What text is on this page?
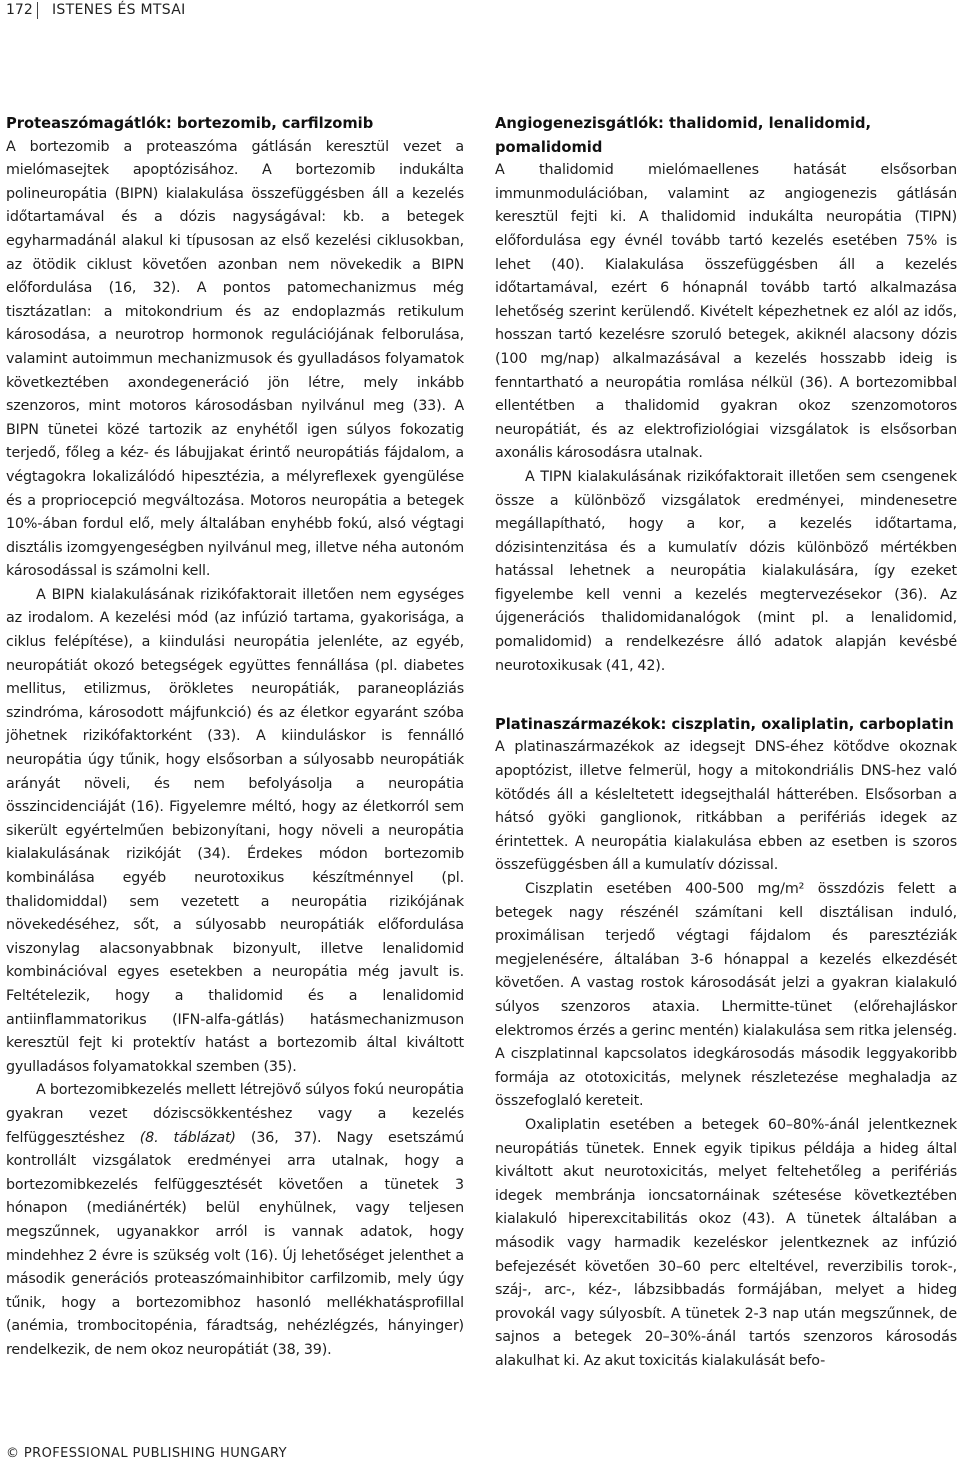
172 ISTENES ÉS MTSAI
Proteaszómagátlók: bortezomib, carfilzomib

A bortezomib a proteaszóma gátlásán keresztül vezet a mielómasejtek apoptózisához. A bortezomib indukálta polineuropátia (BIPN) kialakulása összefüggésben áll a kezelés időtartamával és a dózis nagyságával: kb. a betegek egyharmadánál alakul ki típusosan az első kezelési ciklusokban, az ötödik ciklust követően azonban nem növekedik a BIPN előfordulása (16, 32). A pontos patomechanizmus még tisztázatlan: a mitokondrium és az endoplazmás retikulum károsodása, a neurotrop hormonok regulációjának felborulása, valamint autoimmun mechanizmusok és gyulladásos folyamatok következtében axondegeneráció jön létre, mely inkább szenzoros, mint motoros károsodásban nyilvánul meg (33). A BIPN tünetei közé tartozik az enyhétől igen súlyos fokozatig terjedő, főleg a kéz- és lábujjakat érintő neuropátiás fájdalom, a végtagokra lokalizálódó hipesztézia, a mélyreflexek gyengülése és a propriocepció megváltozása. Motoros neuropátia a betegek 10%-ában fordul elő, mely általában enyhébb fokú, alsó végtagi disztális izomgyengeségben nyilvánul meg, illetve néha autonóm károsodással is számolni kell.

A BIPN kialakulásának rizikófaktorait illetően nem egységes az irodalom. A kezelési mód (az infúzió tartama, gyakorisága, a ciklus felépítése), a kiindulási neuropátia jelenléte, az egyéb, neuropátiát okozó betegségek együttes fennállása (pl. diabetes mellitus, etilizmus, örökletes neuropátiák, paraneopláziás szindróma, károsodott májfunkció) és az életkor egyaránt szóba jöhetnek rizikófaktorként (33). A kiinduláskor is fennálló neuropátia úgy tűnik, hogy elsősorban a súlyosabb neuropátiák arányát növeli, és nem befolyásolja a neuropátia összincidenciáját (16). Figyelemre méltó, hogy az életkorról sem sikerült egyértelműen bebizonyítani, hogy növeli a neuropátia kialakulásának rizikóját (34). Érdekes módon bortezomib kombinálása egyéb neurotoxikus készítménnyel (pl. thalidomiddal) sem vezetett a neuropátia rizikójának növekedéséhez, sőt, a súlyosabb neuropátiák előfordulása viszonylag alacsonyabbnak bizonyult, illetve lenalidomid kombinációval egyes esetekben a neuropátia még javult is. Feltételezik, hogy a thalidomid és a lenalidomid antiinflammatorikus (IFN-alfa-gátlás) hatásmechanizmuson keresztül fejt ki protektív hatást a bortezomib által kiváltott gyulladásos folyamatokkal szemben (35).

A bortezomibkezelés mellett létrejövő súlyos fokú neuropátia gyakran vezet dóziscsökkentéshez vagy a kezelés felfüggesztéshez (8. táblázat) (36, 37). Nagy esetszámú kontrollált vizsgálatok eredményei arra utalnak, hogy a bortezomibkezelés felfüggesztését követően a tünetek 3 hónapon (mediánérték) belül enyhülnek, vagy teljesen megszűnnek, ugyanakkor arról is vannak adatok, hogy mindehhez 2 évre is szükség volt (16). Új lehetőséget jelenthet a második generációs proteaszómainhibitor carfilzomib, mely úgy tűnik, hogy a bortezomibhoz hasonló mellékhatásprofillal (anémia, trombocitopénia, fáradtság, nehézlégzés, hányinger) rendelkezik, de nem okoz neuropátiát (38, 39).

Angiogenezisgátlók: thalidomid, lenalidomid, pomalidomid

A thalidomid mielómaellenes hatását elsősorban immunmodulációban, valamint az angiogenezis gátlásán keresztül fejti ki. A thalidomid indukálta neuropátia (TIPN) előfordulása egy évnél tovább tartó kezelés esetében 75% is lehet (40). Kialakulása összefüggésben áll a kezelés időtartamával, ezért 6 hónapnál tovább tartó alkalmazása lehetőség szerint kerülendő. Kivételt képezhetnek ez alól az idős, hosszan tartó kezelésre szoruló betegek, akiknél alacsony dózis (100 mg/nap) alkalmazásával a kezelés hosszabb ideig is fenntartható a neuropátia romlása nélkül (36). A bortezomibbal ellentétben a thalidomid gyakran okoz szenzomotoros neuropátiát, és az elektrofiziológiai vizsgálatok is elsősorban axonális károsodásra utalnak.

A TIPN kialakulásának rizikófaktorait illetően sem csengenek össze a különböző vizsgálatok eredményei, mindenesetre megállapítható, hogy a kor, a kezelés időtartama, dózisintenzitása és a kumulatív dózis különböző mértékben hatással lehetnek a neuropátia kialakulására, így ezeket figyelembe kell venni a kezelés megtervezésekor (36). Az újgenerációs thalidomidanalógok (mint pl. a lenalidomid, pomalidomid) a rendelkezésre álló adatok alapján kevésbé neurotoxikusak (41, 42).

Platinaszármazékok: ciszplatin, oxaliplatin, carboplatin

A platinaszármazékok az idegsejt DNS-éhez kötődve okoznak apoptózist, illetve felmerül, hogy a mitokondriális DNS-hez való kötődés áll a késleltetett idegsejthalál hátterében. Elsősorban a hátsó gyöki ganglionok, ritkábban a perifériás idegek az érintettek. A neuropátia kialakulása ebben az esetben is szoros összefüggésben áll a kumulatív dózissal.

Ciszplatin esetében 400-500 mg/m² összdózis felett a betegek nagy részénél számítani kell disztálisan induló, proximálisan terjedő végtagi fájdalom és paresztéziák megjelenésére, általában 3-6 hónappal a kezelés elkezdését követően. A vastag rostok károsodását jelzi a gyakran kialakuló súlyos szenzoros ataxia. Lhermitte-tünet (előrehajláskor elektromos érzés a gerinc mentén) kialakulása sem ritka jelenség. A ciszplatinnal kapcsolatos idegkárosodás második leggyakoribb formája az ototoxicitás, melynek részletezése meghaladja az összefoglaló kereteit.

Oxaliplatin esetében a betegek 60–80%-ánál jelentkeznek neuropátiás tünetek. Ennek egyik tipikus példája a hideg által kiváltott akut neurotoxicitás, melyet feltehetőleg a perifériás idegek membránja ioncsatornáinak szétesése következtében kialakuló hiperexcitabilitás okoz (43). A tünetek általában a második vagy harmadik kezeléskor jelentkeznek az infúzió befejezését követően 30–60 perc elteltével, reverzibilis torok-, száj-, arc-, kéz-, lábzsibbadás formájában, melyet a hideg provokál vagy súlyosbít. A tünetek 2-3 nap után megszűnnek, de sajnos a betegek 20–30%-ánál tartós szenzoros károsodás alakulhat ki. Az akut toxicitás kialakulását befo-

© PROFESSIONAL PUBLISHING HUNGARY
